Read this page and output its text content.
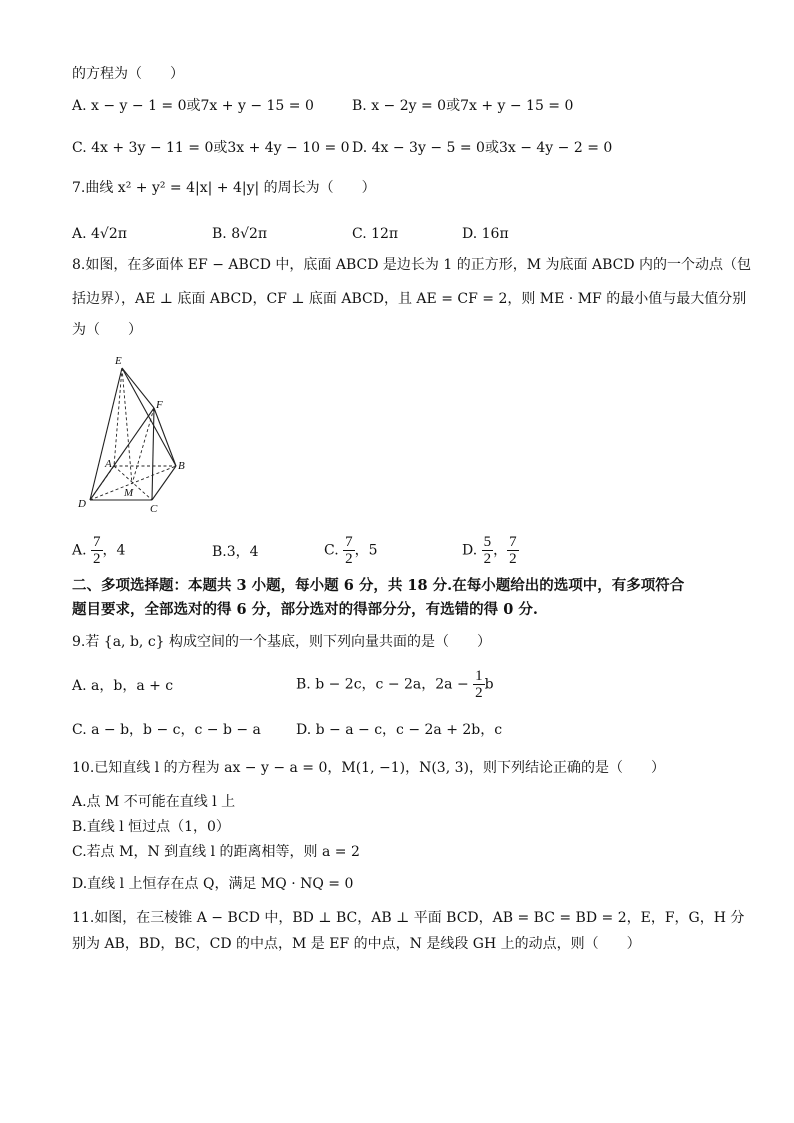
的方程为（　　）
A. x − y − 1 = 0或7x + y − 15 = 0	B. x − 2y = 0或7x + y − 15 = 0
C. 4x + 3y − 11 = 0或3x + 4y − 10 = 0 D. 4x − 3y − 5 = 0或3x − 4y − 2 = 0
7.曲线 x² + y² = 4|x| + 4|y| 的周长为（　　）
A. 4√2π	B. 8√2π	C. 12π	D. 16π
8.如图，在多面体 EF − ABCD 中，底面 ABCD 是边长为 1 的正方形，M 为底面 ABCD 内的一个动点（包
括边界），AE ⊥ 底面 ABCD，CF ⊥ 底面 ABCD，且 AE = CF = 2，则 ME · MF 的最小值与最大值分别
为（　　）
E
F
A	B
C
D
M
A. $\frac{7}{2}$ ，4	B.3，4	C. $\frac{7}{2}$ ，5	D. $\frac{5}{2}$ ， $\frac{7}{2}$
二、多项选择题：本题共 3 小题，每小题 6 分，共 18 分.在每小题给出的选项中，有多项符合
题目要求，全部选对的得 6 分，部分选对的得部分分，有选错的得 0 分.
9.若 {a, b, c} 构成空间的一个基底，则下列向量共面的是（　　）
A. a，b，a + c	B. b − 2c，c − 2a，$2a - \frac{1}{2}$ b
C. a − b，b − c，c − b − a	D. b − a − c，c − 2a + 2b，c
10.已知直线 l 的方程为 ax − y − a = 0，M(1, −1)，N(3, 3)，则下列结论正确的是（　　）
A.点 M 不可能在直线 l 上
B.直线 l 恒过点（1，0）
C.若点 M，N 到直线 l 的距离相等，则 a = 2
D.直线 l 上恒存在点 Q，满足 MQ · NQ = 0
11.如图，在三棱锥 A − BCD 中，BD ⊥ BC，AB ⊥ 平面 BCD，AB = BC = BD = 2，E，F，G，H 分
别为 AB，BD，BC，CD 的中点，M 是 EF 的中点，N 是线段 GH 上的动点，则（　　）
